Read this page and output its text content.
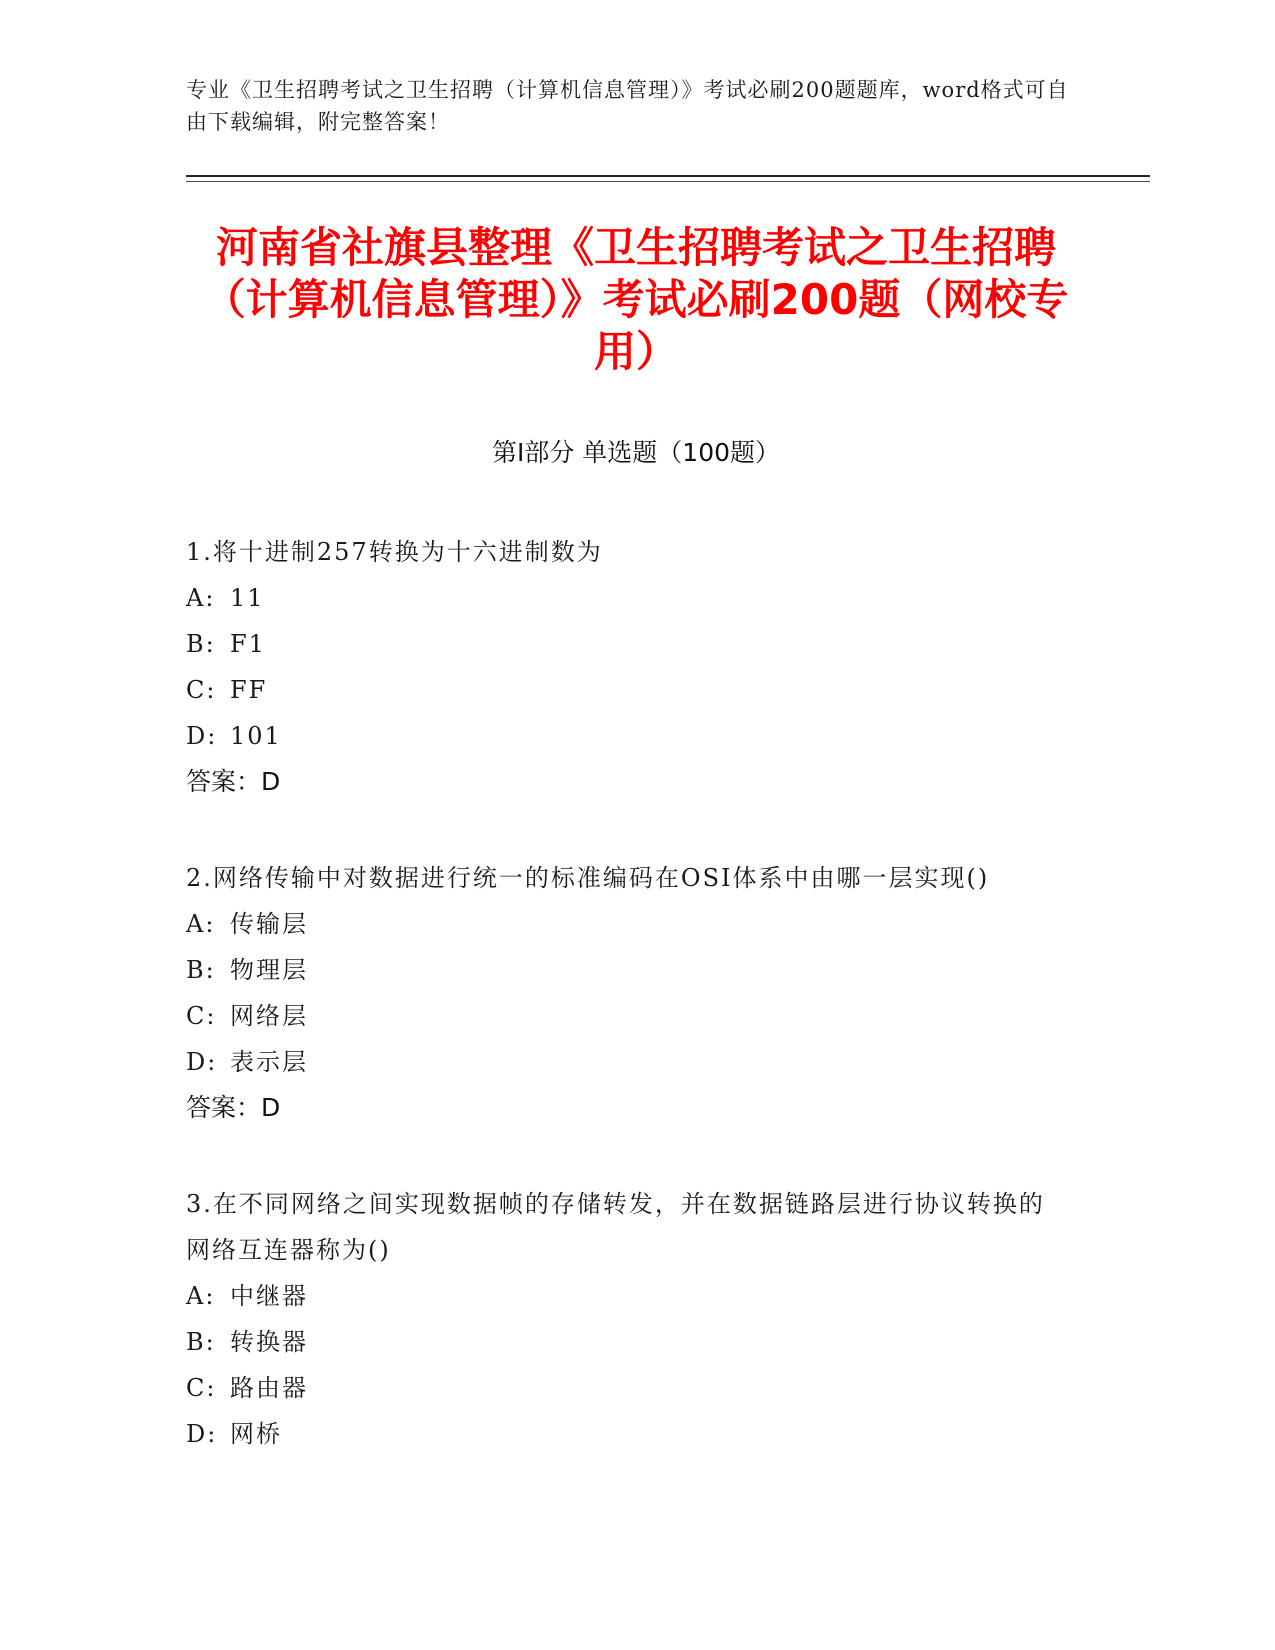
专业《卫生招聘考试之卫生招聘（计算机信息管理）》考试必刷200题题库，word格式可自由下载编辑，附完整答案！
河南省社旗县整理《卫生招聘考试之卫生招聘（计算机信息管理）》考试必刷200题（网校专用）
第I部分 单选题（100题）
1.将十进制257转换为十六进制数为
A: 11
B: F1
C: FF
D: 101
答案：D
2.网络传输中对数据进行统一的标准编码在OSI体系中由哪一层实现()
A: 传输层
B: 物理层
C: 网络层
D: 表示层
答案：D
3.在不同网络之间实现数据帧的存储转发，并在数据链路层进行协议转换的网络互连器称为()
A: 中继器
B: 转换器
C: 路由器
D: 网桥
